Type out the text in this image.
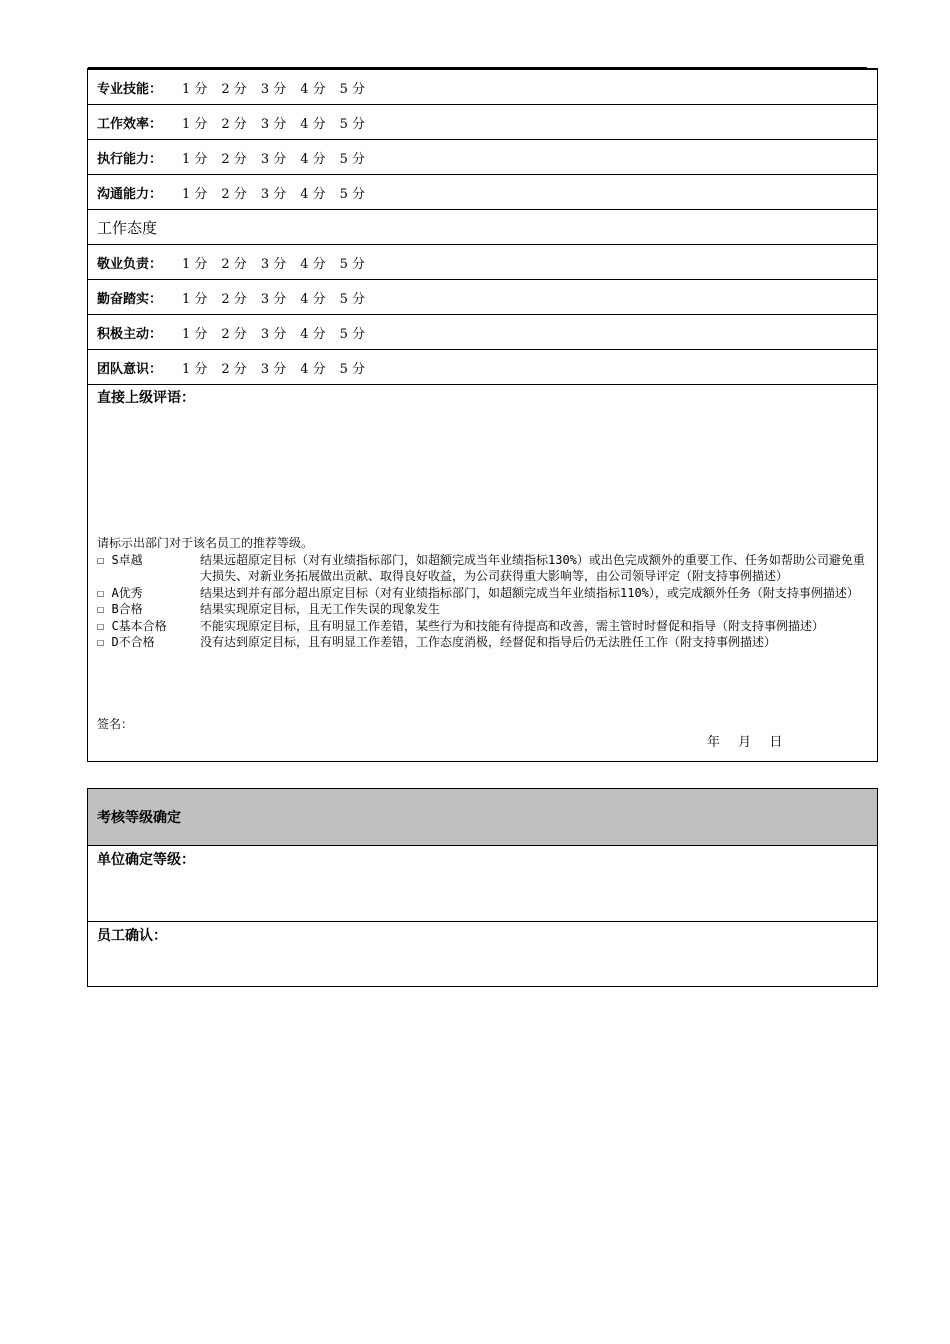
专业技能：	1 分 2 分 3 分 4 分 5 分
工作效率：	1 分 2 分 3 分 4 分 5 分
执行能力：	1 分 2 分 3 分 4 分 5 分
沟通能力：	1 分 2 分 3 分 4 分 5 分
工作态度
敬业负责：	1 分 2 分 3 分 4 分 5 分
勤奋踏实：	1 分 2 分 3 分 4 分 5 分
积极主动：	1 分 2 分 3 分 4 分 5 分
团队意识：	1 分 2 分 3 分 4 分 5 分
直接上级评语：
请标示出部门对于该名员工的推荐等级。
☐ S卓越	结果远超原定目标（对有业绩指标部门，如超额完成当年业绩指标130%）或出色完成额外的重要工作、任务如帮助公司避免重大损失、对新业务拓展做出贡献、取得良好收益，为公司获得重大影响等，由公司领导评定（附支持事例描述）
☐ A优秀	结果达到并有部分超出原定目标（对有业绩指标部门，如超额完成当年业绩指标110%），或完成额外任务（附支持事例描述）
☐ B合格	结果实现原定目标，且无工作失误的现象发生
☐ C基本合格	不能实现原定目标，且有明显工作差错，某些行为和技能有待提高和改善，需主管时时督促和指导（附支持事例描述）
☐ D不合格	没有达到原定目标，且有明显工作差错，工作态度消极，经督促和指导后仍无法胜任工作（附支持事例描述）
签名：
年 月 日
考核等级确定
单位确定等级：
员工确认：
